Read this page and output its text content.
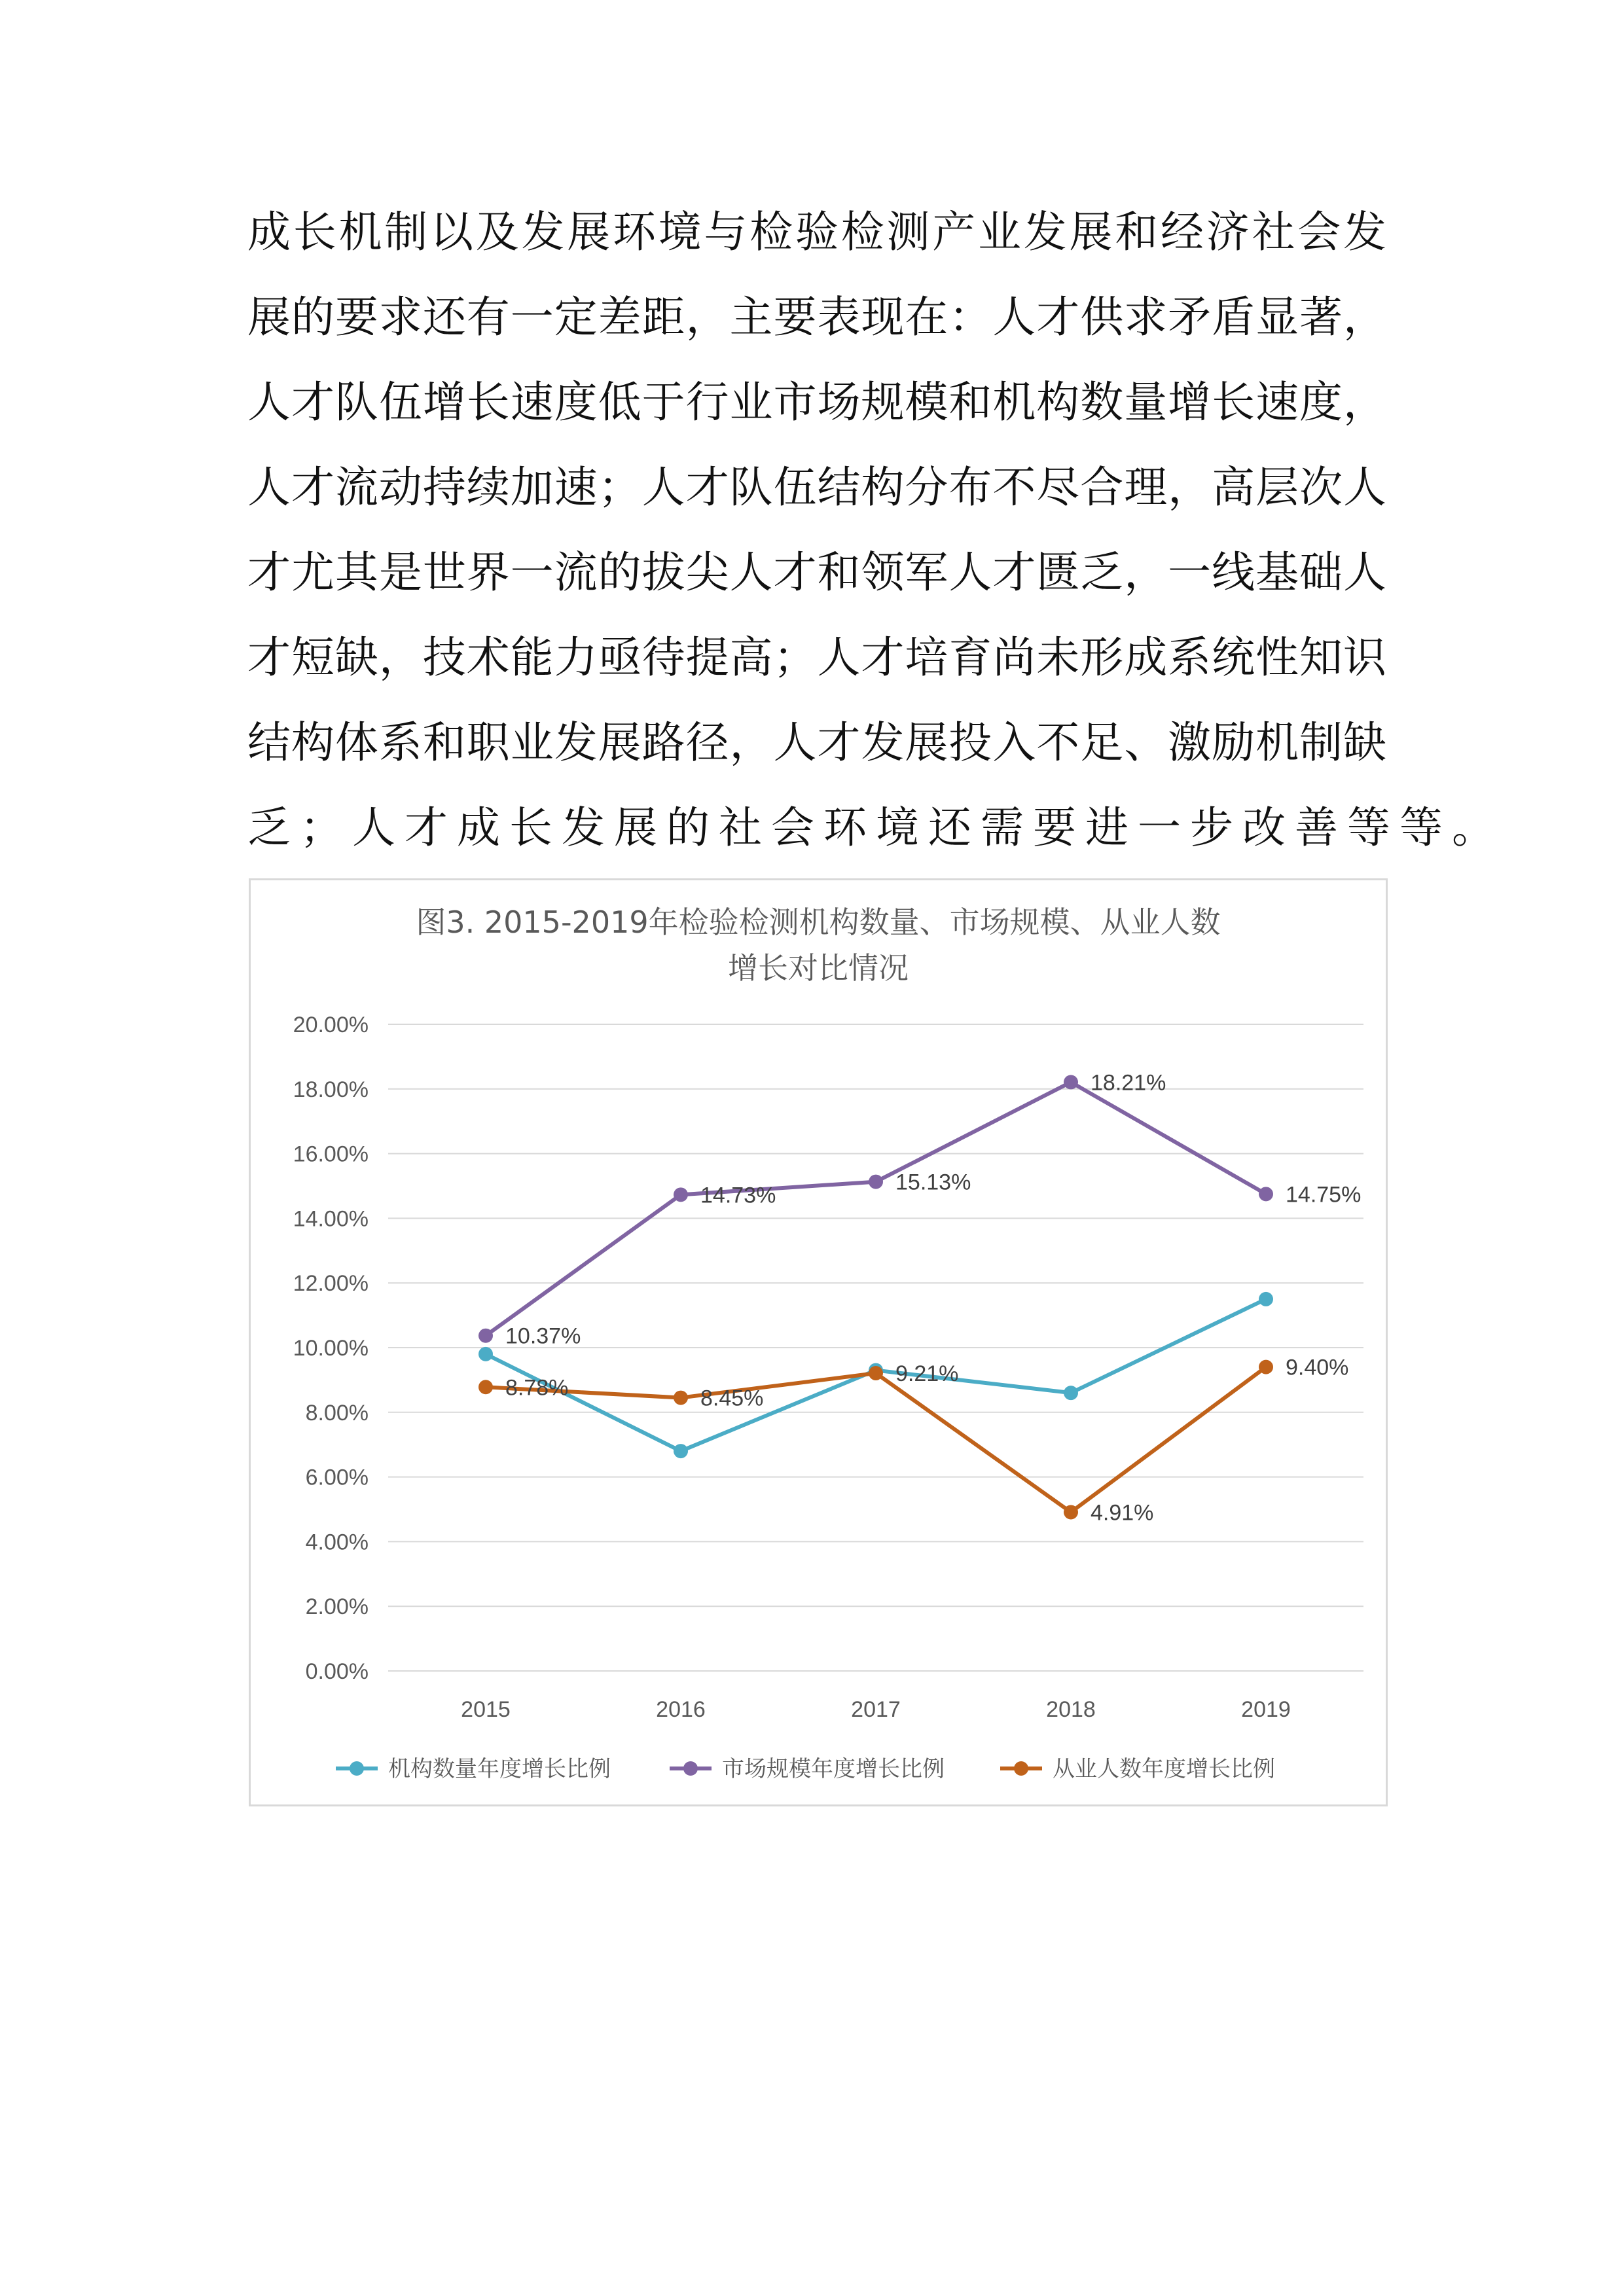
成长机制以及发展环境与检验检测产业发展和经济社会发
展的要求还有一定差距，主要表现在：人才供求矛盾显著，
人才队伍增长速度低于行业市场规模和机构数量增长速度，
人才流动持续加速；人才队伍结构分布不尽合理，高层次人
才尤其是世界一流的拔尖人才和领军人才匮乏，一线基础人
才短缺，技术能力亟待提高；人才培育尚未形成系统性知识
结构体系和职业发展路径，人才发展投入不足、激励机制缺
乏；人才成长发展的社会环境还需要进一步改善等等。
图3. 2015-2019年检验检测机构数量、市场规模、从业人数
增长对比情况
0.00%
2.00%
4.00%
6.00%
8.00%
10.00%
12.00%
14.00%
16.00%
18.00%
20.00%
2015	2016	2017	2018	2019
10.37%
14.73%
15.13%
18.21%
14.75%
8.78%	8.45%
9.21%
4.91%
9.40%
机构数量年度增长比例	市场规模年度增长比例	从业人数年度增长比例
